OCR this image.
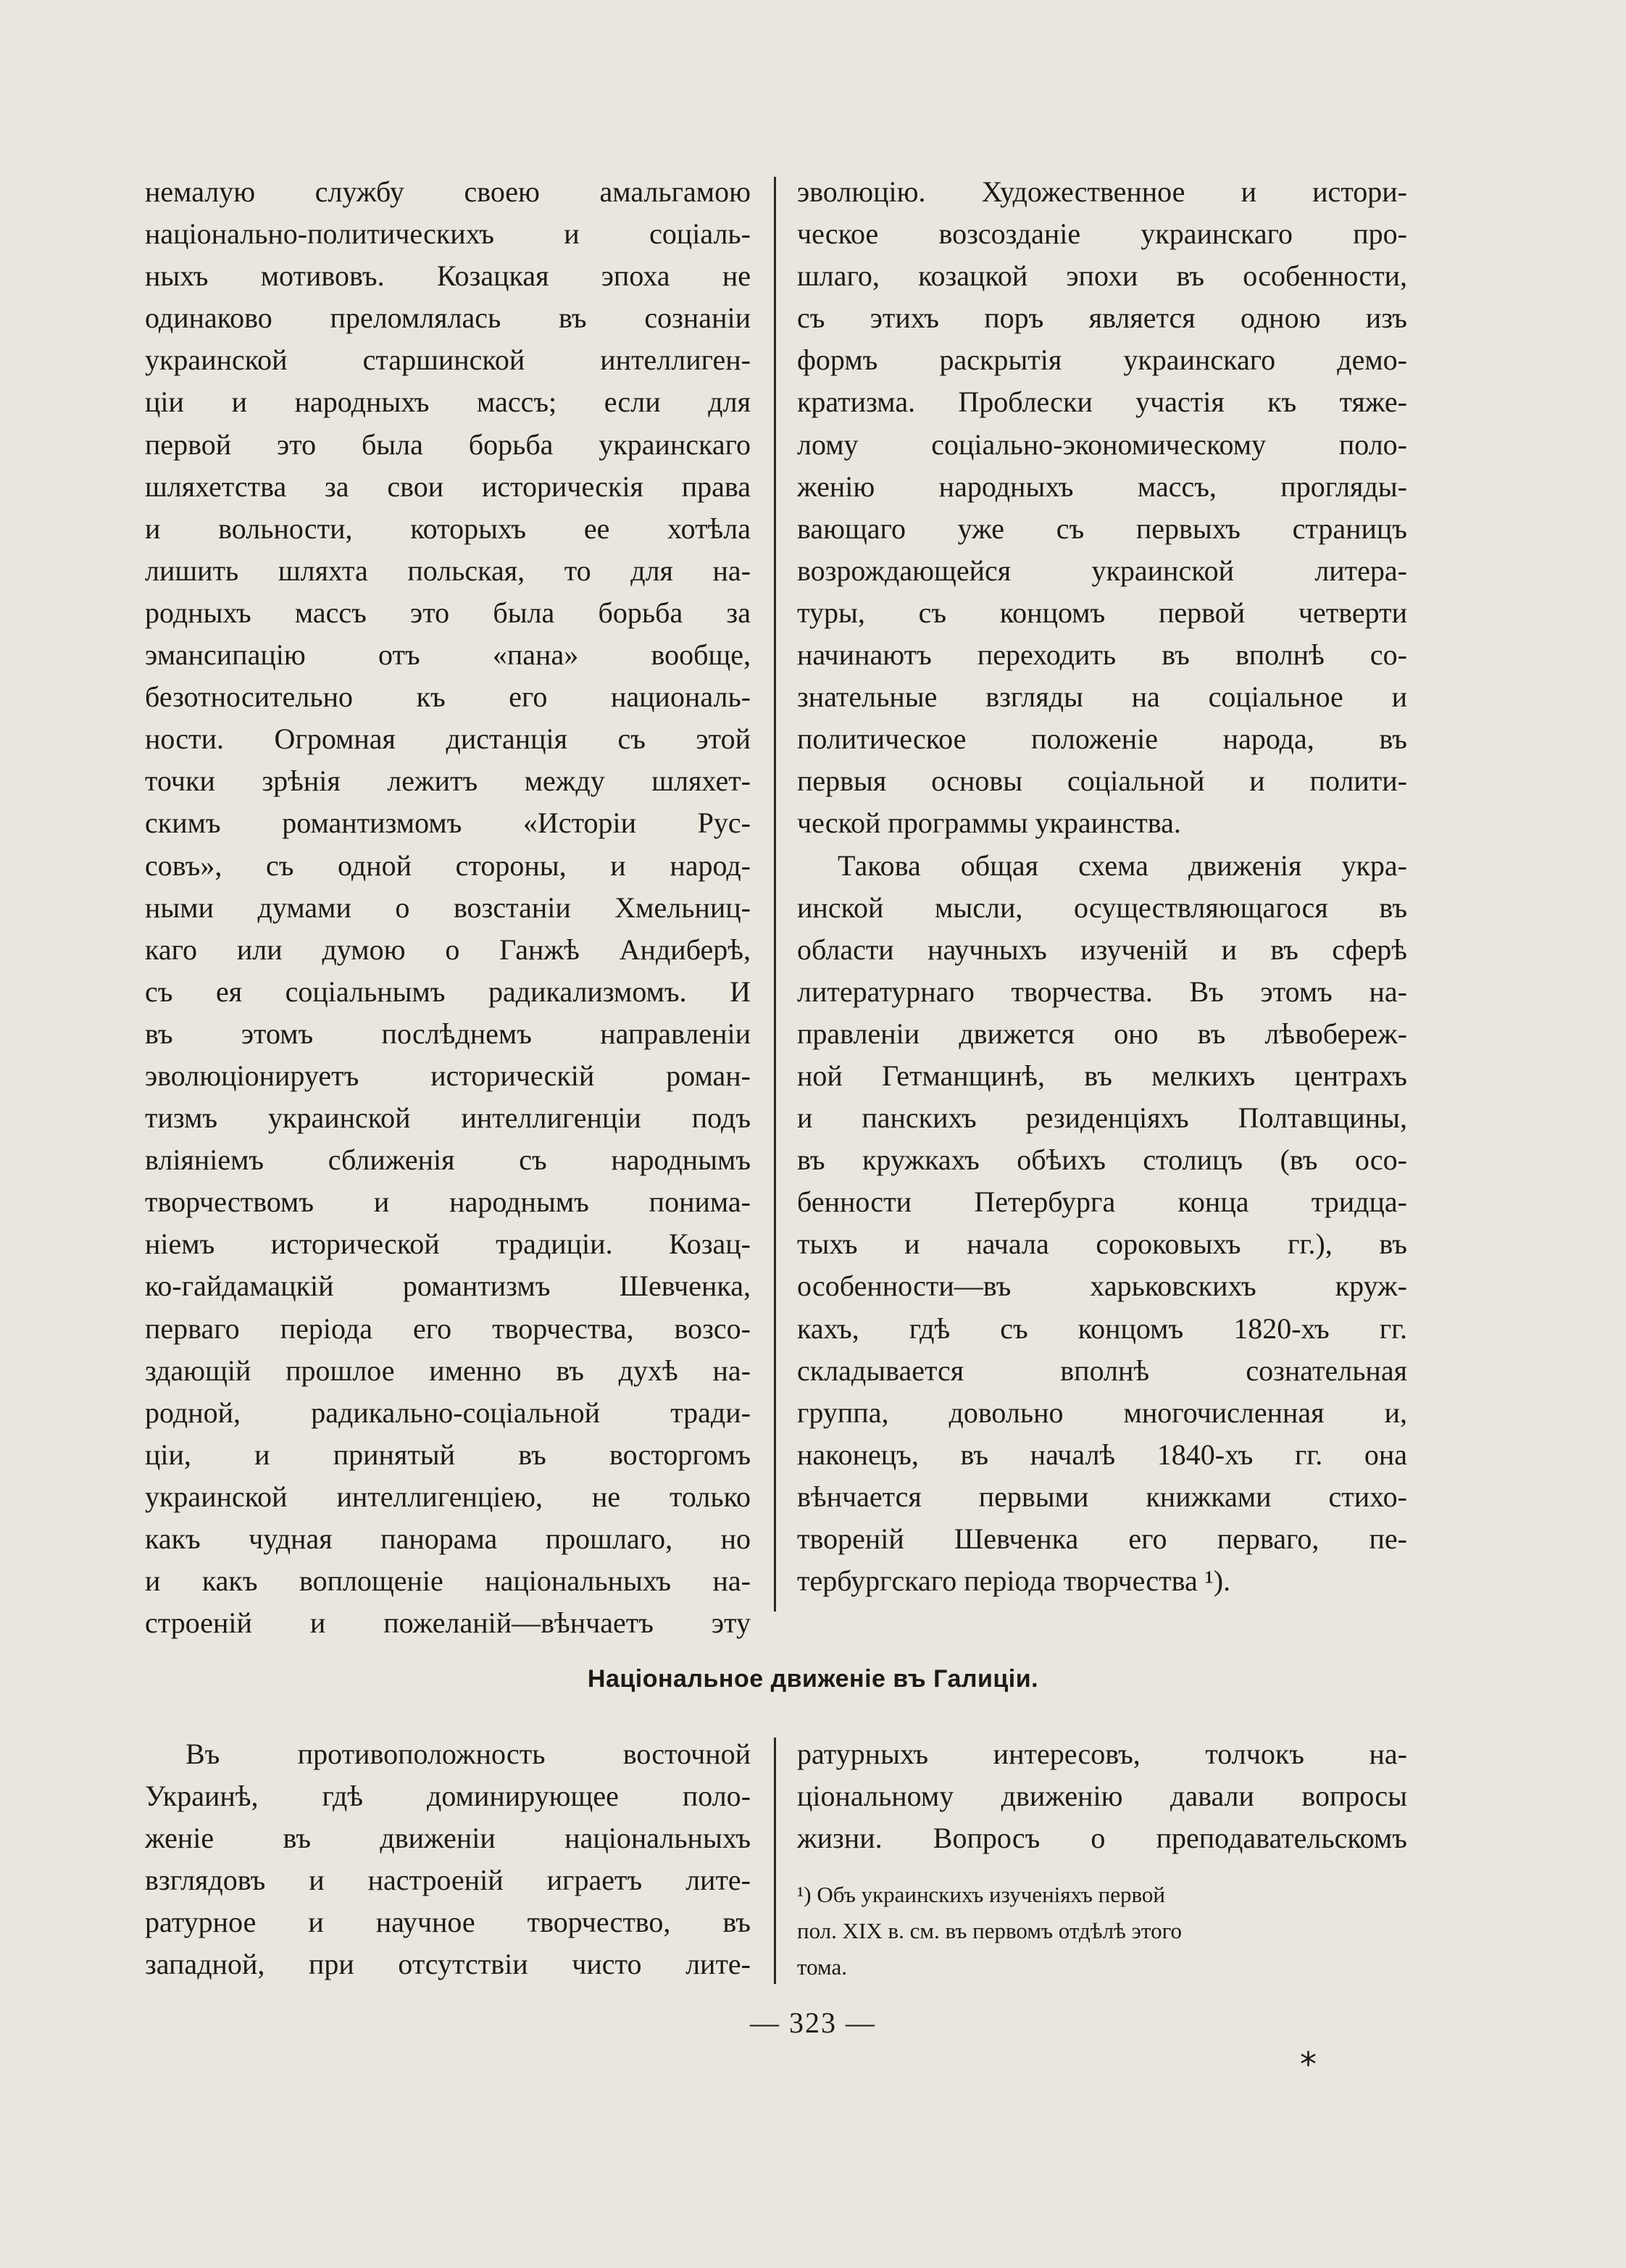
немалую службу своею амальгамою
національно-политическихъ и соціаль-
ныхъ мотивовъ. Козацкая эпоха не
одинаково преломлялась въ сознаніи
украинской старшинской интеллиген-
ціи и народныхъ массъ; если для
первой это была борьба украинскаго
шляхетства за свои историческія права
и вольности, которыхъ ее хотѣла
лишить шляхта польская, то для на-
родныхъ массъ это была борьба за
эмансипацію отъ «пана» вообще,
безотносительно къ его националь-
ности. Огромная дистанція съ этой
точки зрѣнія лежитъ между шляхет-
скимъ романтизмомъ «Исторіи Рус-
совъ», съ одной стороны, и народ-
ными думами о возстаніи Хмельниц-
каго или думою о Ганжѣ Андиберѣ,
съ ея соціальнымъ радикализмомъ. И
въ этомъ послѣднемъ направленіи
эволюціонируетъ историческій роман-
тизмъ украинской интеллигенціи подъ
вліяніемъ сближенія съ народнымъ
творчествомъ и народнымъ понима-
ніемъ исторической традиціи. Козац-
ко-гайдамацкій романтизмъ Шевченка,
перваго періода его творчества, возсо-
здающій прошлое именно въ духѣ на-
родной, радикально-соціальной тради-
ціи, и принятый въ восторгомъ
украинской интеллигенціею, не только
какъ чудная панорама прошлаго, но
и какъ воплощеніе національныхъ на-
строеній и пожеланій—вѣнчаетъ эту
эволюцію. Художественное и истори-
ческое возсозданіе украинскаго про-
шлаго, козацкой эпохи въ особенности,
съ этихъ поръ является одною изъ
формъ раскрытія украинскаго демо-
кратизма. Проблески участія къ тяже-
лому соціально-экономическому поло-
женію народныхъ массъ, прогляды-
вающаго уже съ первыхъ страницъ
возрождающейся украинской литера-
туры, съ концомъ первой четверти
начинаютъ переходить въ вполнѣ со-
знательные взгляды на соціальное и
политическое положеніе народа, въ
первыя основы соціальной и полити-
ческой программы украинства.
Такова общая схема движенія укра-
инской мысли, осуществляющагося въ
области научныхъ изученій и въ сферѣ
литературнаго творчества. Въ этомъ на-
правленіи движется оно въ лѣвобереж-
ной Гетманщинѣ, въ мелкихъ центрахъ
и панскихъ резиденціяхъ Полтавщины,
въ кружкахъ обѣихъ столицъ (въ осо-
бенности Петербурга конца тридца-
тыхъ и начала сороковыхъ гг.), въ
особенности—въ харьковскихъ круж-
кахъ, гдѣ съ концомъ 1820-хъ гг.
складывается вполнѣ сознательная
группа, довольно многочисленная и,
наконецъ, въ началѣ 1840-хъ гг. она
вѣнчается первыми книжками стихо-
твореній Шевченка его перваго, пе-
тербургскаго періода творчества ¹).
Національное движеніе въ Галиціи.
Въ противоположность восточной
Украинѣ, гдѣ доминирующее поло-
женіе въ движеніи національныхъ
взглядовъ и настроеній играетъ лите-
ратурное и научное творчество, въ
западной, при отсутствіи чисто лите-
ратурныхъ интересовъ, толчокъ на-
ціональному движенію давали вопросы
жизни. Вопросъ о преподавательскомъ
¹) Объ украинскихъ изученіяхъ первой
пол. XIX в. см. въ первомъ отдѣлѣ этого
тома.
— 323 —
*
